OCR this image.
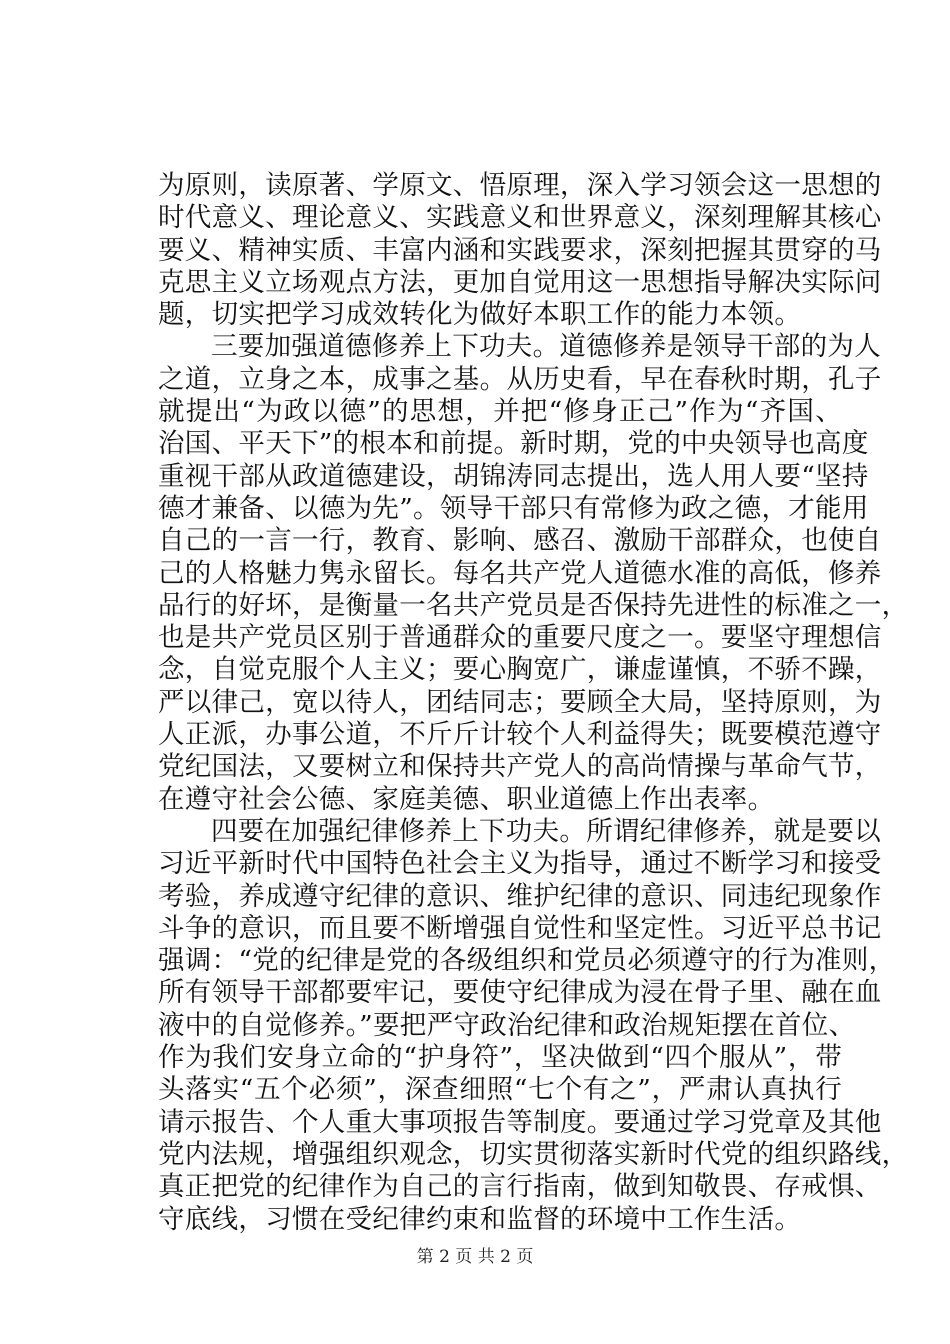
为原则，读原著、学原文、悟原理，深入学习领会这一思想的
时代意义、理论意义、实践意义和世界意义，深刻理解其核心
要义、精神实质、丰富内涵和实践要求，深刻把握其贯穿的马
克思主义立场观点方法，更加自觉用这一思想指导解决实际问
题，切实把学习成效转化为做好本职工作的能力本领。
三要加强道德修养上下功夫。道德修养是领导干部的为人
之道，立身之本，成事之基。从历史看，早在春秋时期，孔子
就提出“为政以德”的思想，并把“修身正己”作为“齐国、
治国、平天下”的根本和前提。新时期，党的中央领导也高度
重视干部从政道德建设，胡锦涛同志提出，选人用人要“坚持
德才兼备、以德为先”。领导干部只有常修为政之德，才能用
自己的一言一行，教育、影响、感召、激励干部群众，也使自
己的人格魅力隽永留长。每名共产党人道德水准的高低，修养
品行的好坏，是衡量一名共产党员是否保持先进性的标准之一，
也是共产党员区别于普通群众的重要尺度之一。要坚守理想信
念，自觉克服个人主义；要心胸宽广，谦虚谨慎，不骄不躁，
严以律己，宽以待人，团结同志；要顾全大局，坚持原则，为
人正派，办事公道，不斤斤计较个人利益得失；既要模范遵守
党纪国法，又要树立和保持共产党人的高尚情操与革命气节，
在遵守社会公德、家庭美德、职业道德上作出表率。
四要在加强纪律修养上下功夫。所谓纪律修养，就是要以
习近平新时代中国特色社会主义为指导，通过不断学习和接受
考验，养成遵守纪律的意识、维护纪律的意识、同违纪现象作
斗争的意识，而且要不断增强自觉性和坚定性。习近平总书记
强调：“党的纪律是党的各级组织和党员必须遵守的行为准则，
所有领导干部都要牢记，要使守纪律成为浸在骨子里、融在血
液中的自觉修养。”要把严守政治纪律和政治规矩摆在首位、
作为我们安身立命的“护身符”，坚决做到“四个服从”，带
头落实“五个必须”，深查细照“七个有之”，严肃认真执行
请示报告、个人重大事项报告等制度。要通过学习党章及其他
党内法规，增强组织观念，切实贯彻落实新时代党的组织路线，
真正把党的纪律作为自己的言行指南，做到知敬畏、存戒惧、
守底线，习惯在受纪律约束和监督的环境中工作生活。
第 2 页 共 2 页
